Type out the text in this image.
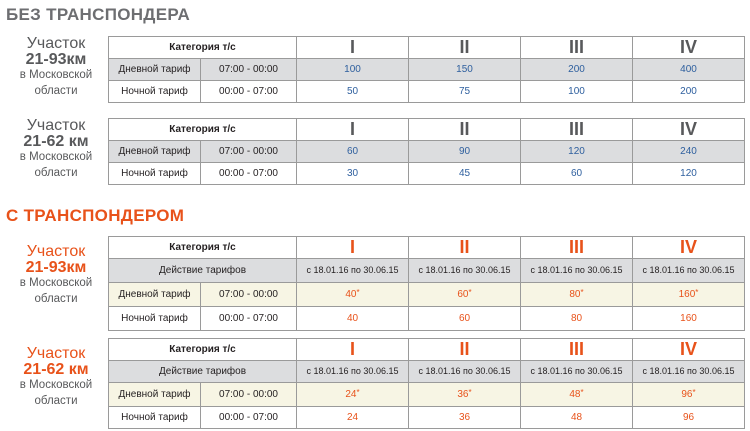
БЕЗ ТРАНСПОНДЕРА
Участок
21-93км
в Московской
области
Категория т/с		I	II	III	IV
Дневной тариф	07:00 - 00:00	100	150	200	400
Ночной тариф	00:00 - 07:00	50	75	100	200
Участок
21-62 км
в Московской
области
Категория т/с		I	II	III	IV
Дневной тариф	07:00 - 00:00	60	90	120	240
Ночной тариф	00:00 - 07:00	30	45	60	120
С ТРАНСПОНДЕРОМ
Участок
21-93км
в Московской
области
Категория т/с		I	II	III	IV
Действие тарифов		с 18.01.16 по 30.06.15	с 18.01.16 по 30.06.15	с 18.01.16 по 30.06.15	с 18.01.16 по 30.06.15
Дневной тариф	07:00 - 00:00	40*	60*	80*	160*
Ночной тариф	00:00 - 07:00	40	60	80	160
Участок
21-62 км
в Московской
области
Категория т/с		I	II	III	IV
Действие тарифов		с 18.01.16 по 30.06.15	с 18.01.16 по 30.06.15	с 18.01.16 по 30.06.15	с 18.01.16 по 30.06.15
Дневной тариф	07:00 - 00:00	24*	36*	48*	96*
Ночной тариф	00:00 - 07:00	24	36	48	96
